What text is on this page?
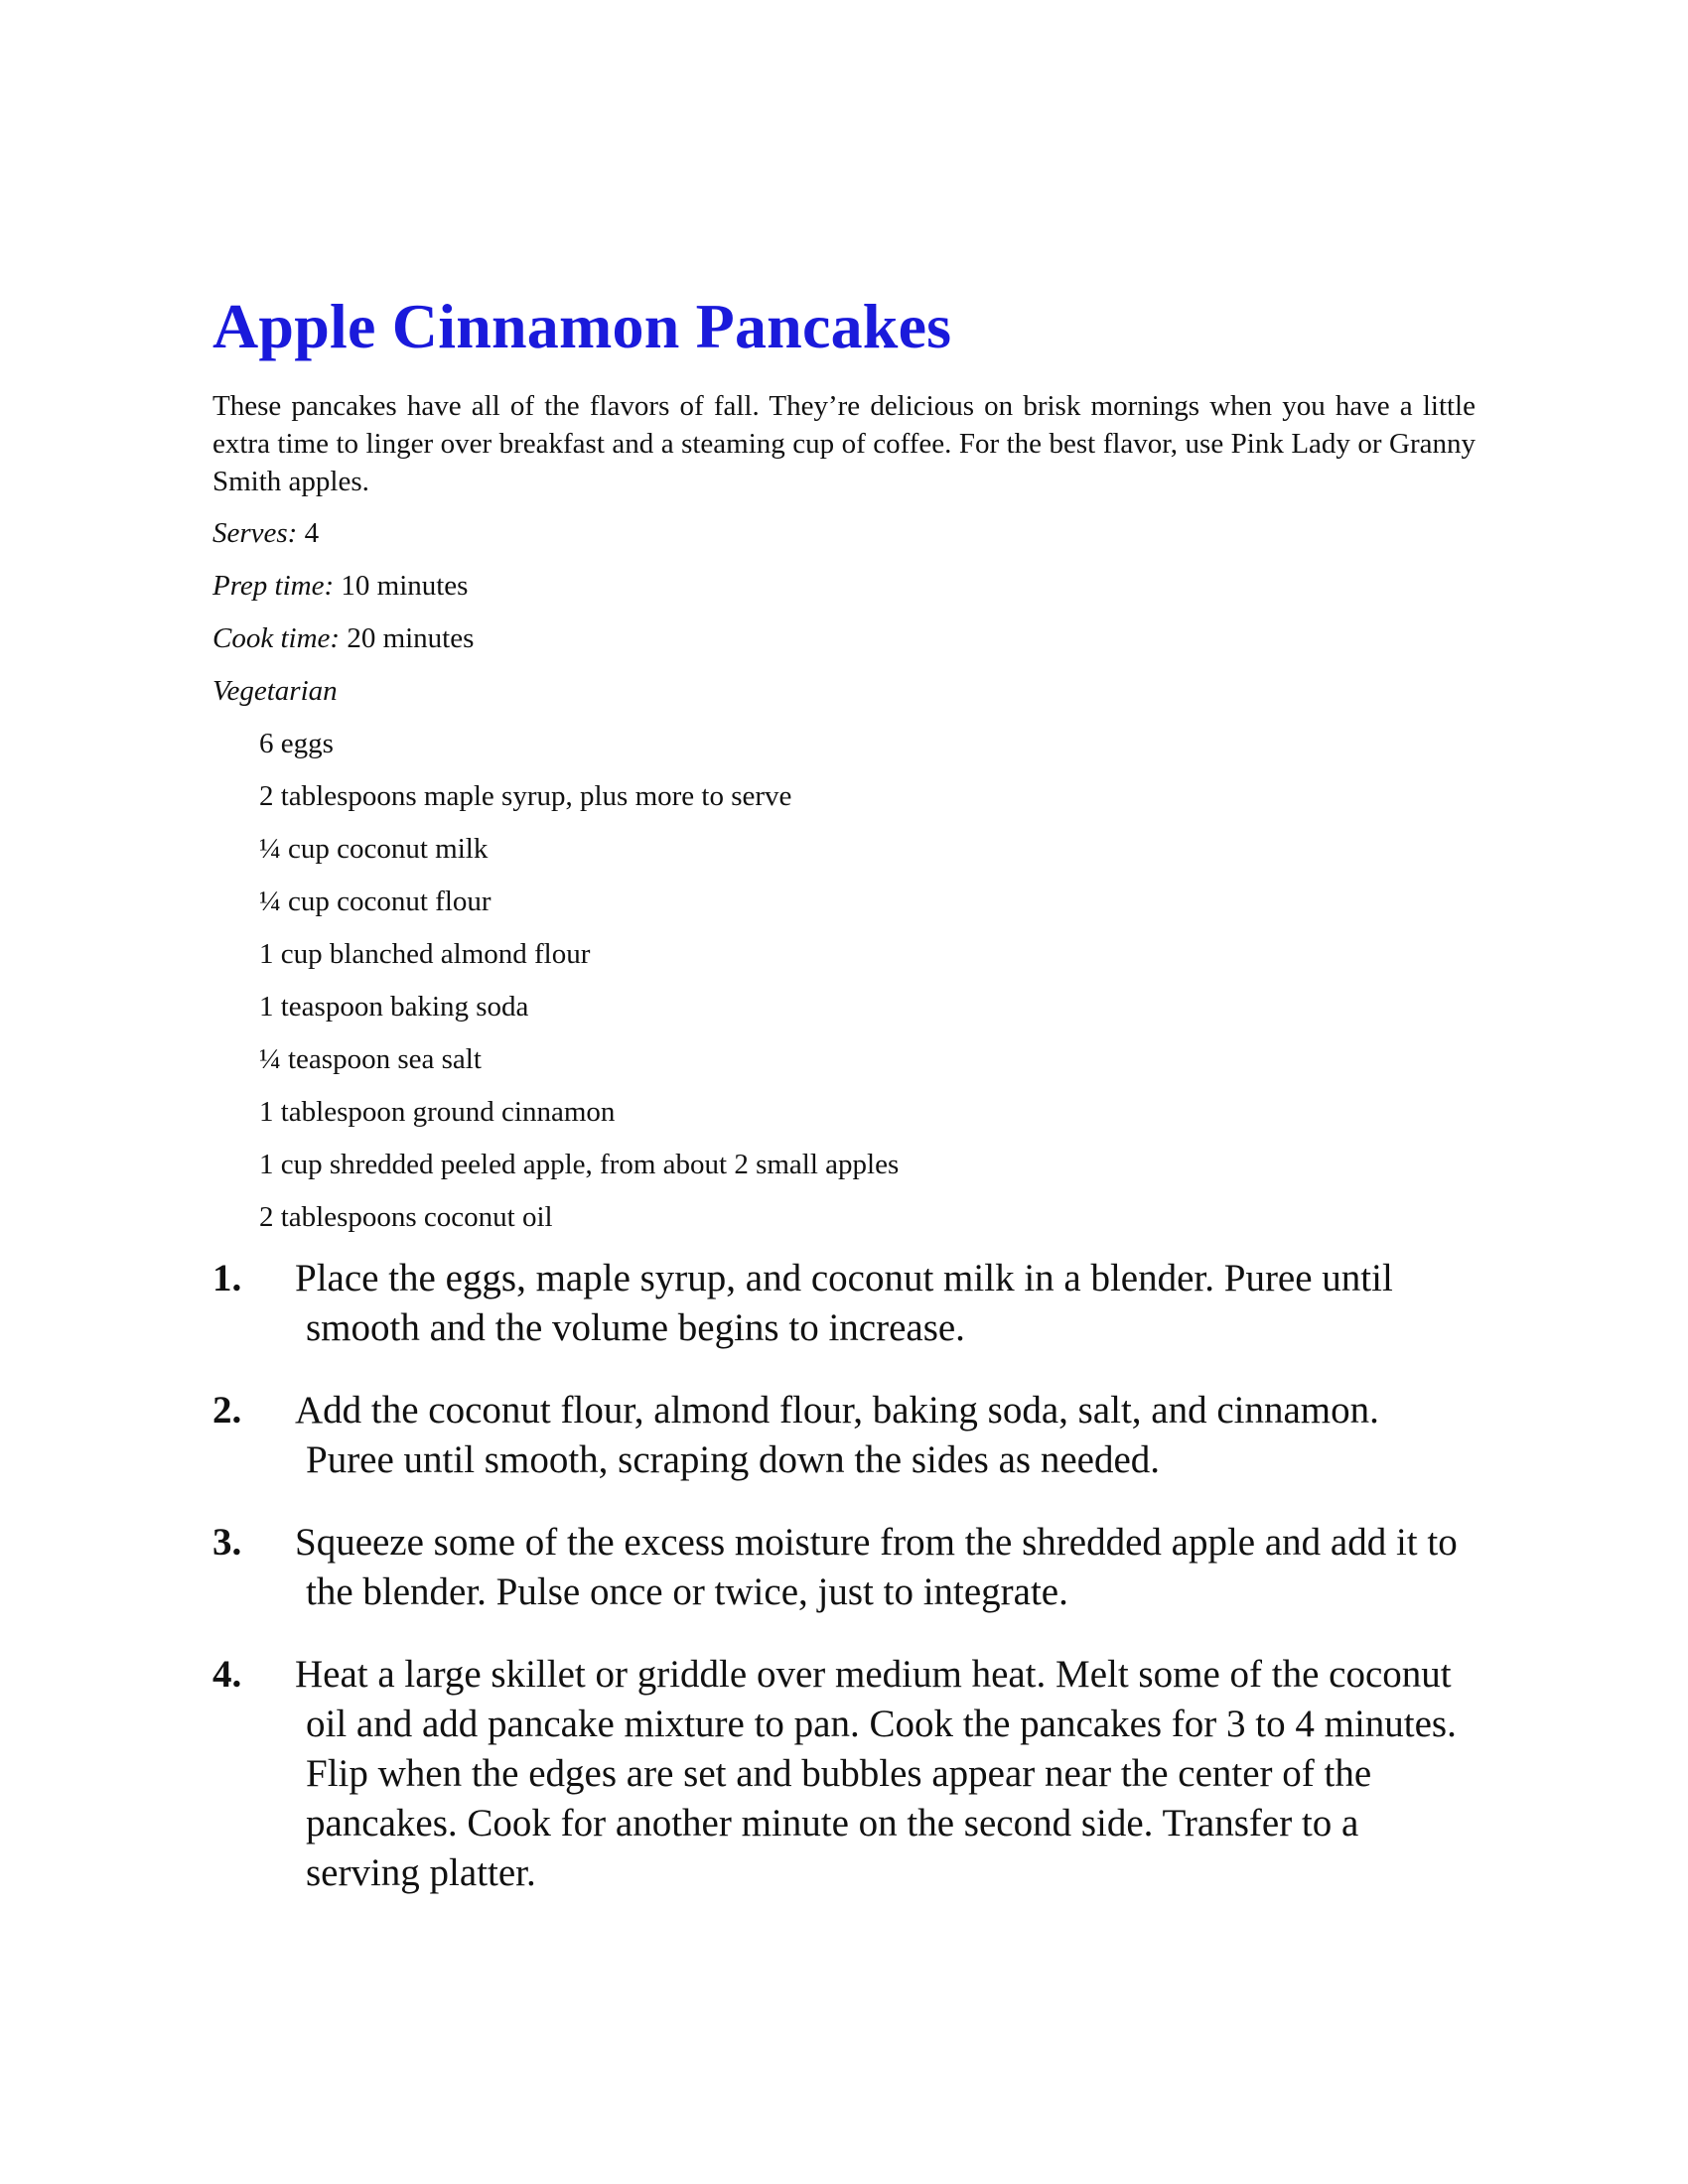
Apple Cinnamon Pancakes

These pancakes have all of the flavors of fall. They’re delicious on brisk mornings when you have a little extra time to linger over breakfast and a steaming cup of coffee. For the best flavor, use Pink Lady or Granny Smith apples.

Serves: 4

Prep time: 10 minutes

Cook time: 20 minutes

Vegetarian

6 eggs
2 tablespoons maple syrup, plus more to serve
¼ cup coconut milk
¼ cup coconut flour
1 cup blanched almond flour
1 teaspoon baking soda
¼ teaspoon sea salt
1 tablespoon ground cinnamon
1 cup shredded peeled apple, from about 2 small apples
2 tablespoons coconut oil
1. Place the eggs, maple syrup, and coconut milk in a blender. Puree until smooth and the volume begins to increase.
2. Add the coconut flour, almond flour, baking soda, salt, and cinnamon. Puree until smooth, scraping down the sides as needed.
3. Squeeze some of the excess moisture from the shredded apple and add it to the blender. Pulse once or twice, just to integrate.
4. Heat a large skillet or griddle over medium heat. Melt some of the coconut oil and add pancake mixture to pan. Cook the pancakes for 3 to 4 minutes. Flip when the edges are set and bubbles appear near the center of the pancakes. Cook for another minute on the second side. Transfer to a serving platter.
